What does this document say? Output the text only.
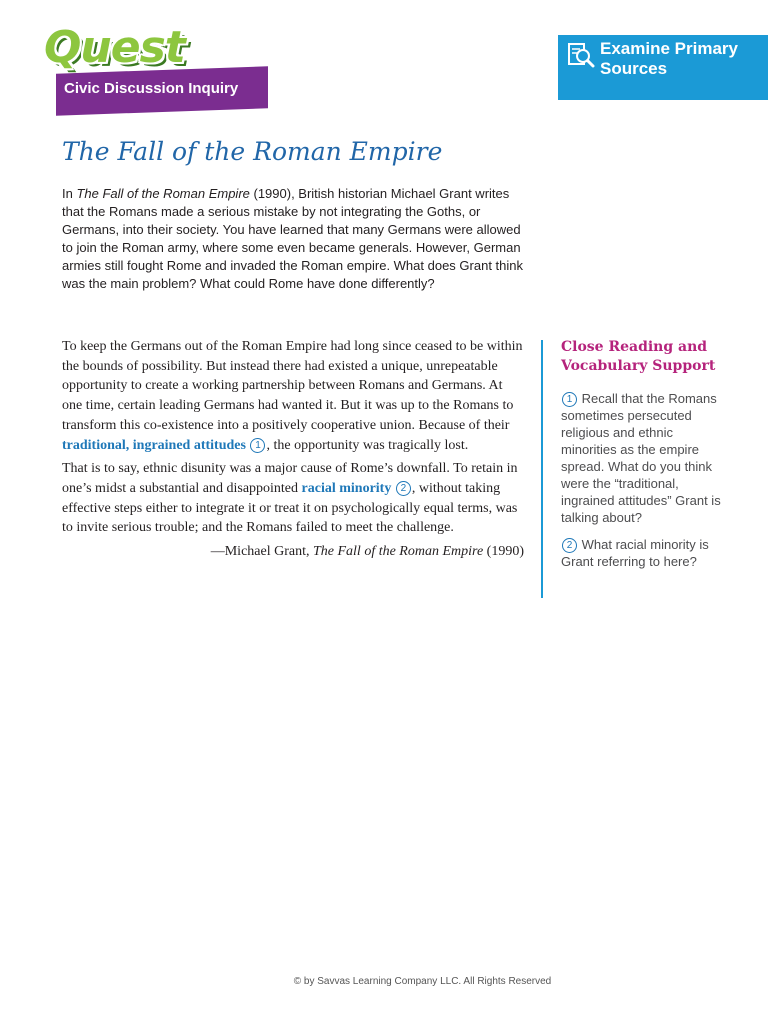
Quest
Civic Discussion Inquiry
Examine Primary Sources
The Fall of the Roman Empire

In The Fall of the Roman Empire (1990), British historian Michael Grant writes that the Romans made a serious mistake by not integrating the Goths, or Germans, into their society. You have learned that many Germans were allowed to join the Roman army, where some even became generals. However, German armies still fought Rome and invaded the Roman empire. What does Grant think was the main problem? What could Rome have done differently?

To keep the Germans out of the Roman Empire had long since ceased to be within the bounds of possibility. But instead there had existed a unique, unrepeatable opportunity to create a working partnership between Romans and Germans. At one time, certain leading Germans had wanted it. But it was up to the Romans to transform this co-existence into a positively cooperative union. Because of their traditional, ingrained attitudes 1 , the opportunity was tragically lost.

That is to say, ethnic disunity was a major cause of Rome’s downfall. To retain in one’s midst a substantial and disappointed racial minority 2 , without taking effective steps either to integrate it or treat it on psychologically equal terms, was to invite serious trouble; and the Romans failed to meet the challenge.

—Michael Grant, The Fall of the Roman Empire (1990)

Close Reading and Vocabulary Support

1 Recall that the Romans sometimes persecuted religious and ethnic minorities as the empire spread. What do you think were the “traditional, ingrained attitudes” Grant is talking about?

2 What racial minority is Grant referring to here?

© by Savvas Learning Company LLC. All Rights Reserved
